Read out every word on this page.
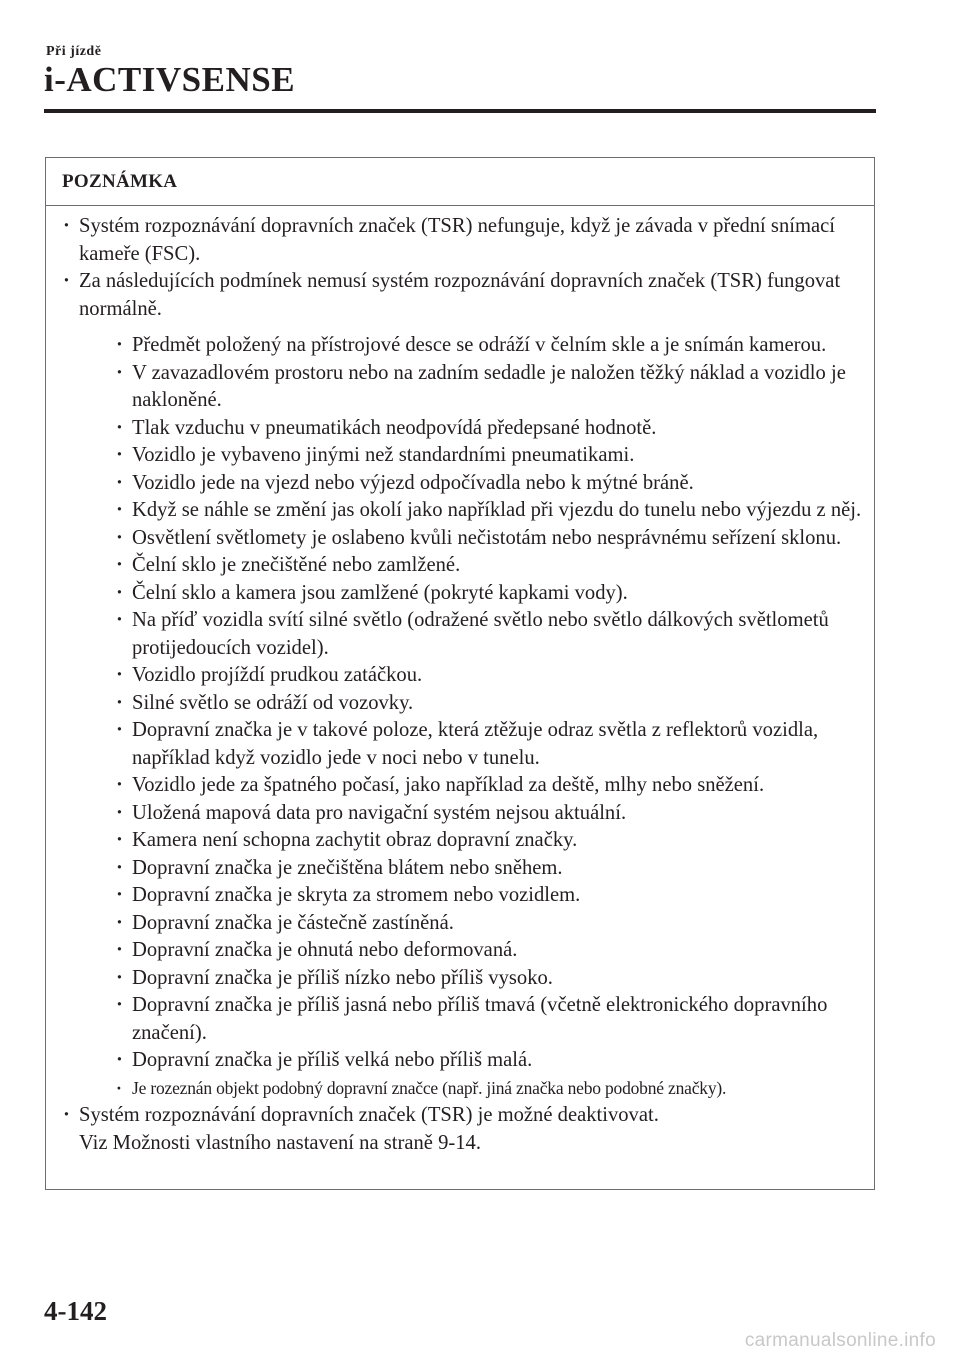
Při jízdě
i-ACTIVSENSE
POZNÁMKA
· Systém rozpoznávání dopravních značek (TSR) nefunguje, když je závada v přední snímací kameře (FSC).
· Za následujících podmínek nemusí systém rozpoznávání dopravních značek (TSR) fungovat normálně.
· Předmět položený na přístrojové desce se odráží v čelním skle a je snímán kamerou.
· V zavazadlovém prostoru nebo na zadním sedadle je naložen těžký náklad a vozidlo je nakloněné.
· Tlak vzduchu v pneumatikách neodpovídá předepsané hodnotě.
· Vozidlo je vybaveno jinými než standardními pneumatikami.
· Vozidlo jede na vjezd nebo výjezd odpočívadla nebo k mýtné bráně.
· Když se náhle se změní jas okolí jako například při vjezdu do tunelu nebo výjezdu z něj.
· Osvětlení světlomety je oslabeno kvůli nečistotám nebo nesprávnému seřízení sklonu.
· Čelní sklo je znečištěné nebo zamlžené.
· Čelní sklo a kamera jsou zamlžené (pokryté kapkami vody).
· Na příď vozidla svítí silné světlo (odražené světlo nebo světlo dálkových světlometů protijedoucích vozidel).
· Vozidlo projíždí prudkou zatáčkou.
· Silné světlo se odráží od vozovky.
· Dopravní značka je v takové poloze, která ztěžuje odraz světla z reflektorů vozidla, například když vozidlo jede v noci nebo v tunelu.
· Vozidlo jede za špatného počasí, jako například za deště, mlhy nebo sněžení.
· Uložená mapová data pro navigační systém nejsou aktuální.
· Kamera není schopna zachytit obraz dopravní značky.
· Dopravní značka je znečištěna blátem nebo sněhem.
· Dopravní značka je skryta za stromem nebo vozidlem.
· Dopravní značka je částečně zastíněná.
· Dopravní značka je ohnutá nebo deformovaná.
· Dopravní značka je příliš nízko nebo příliš vysoko.
· Dopravní značka je příliš jasná nebo příliš tmavá (včetně elektronického dopravního značení).
· Dopravní značka je příliš velká nebo příliš malá.
· Je rozeznán objekt podobný dopravní značce (např. jiná značka nebo podobné značky).
· Systém rozpoznávání dopravních značek (TSR) je možné deaktivovat.
Viz Možnosti vlastního nastavení na straně 9-14.
4-142
carmanualsonline.info
